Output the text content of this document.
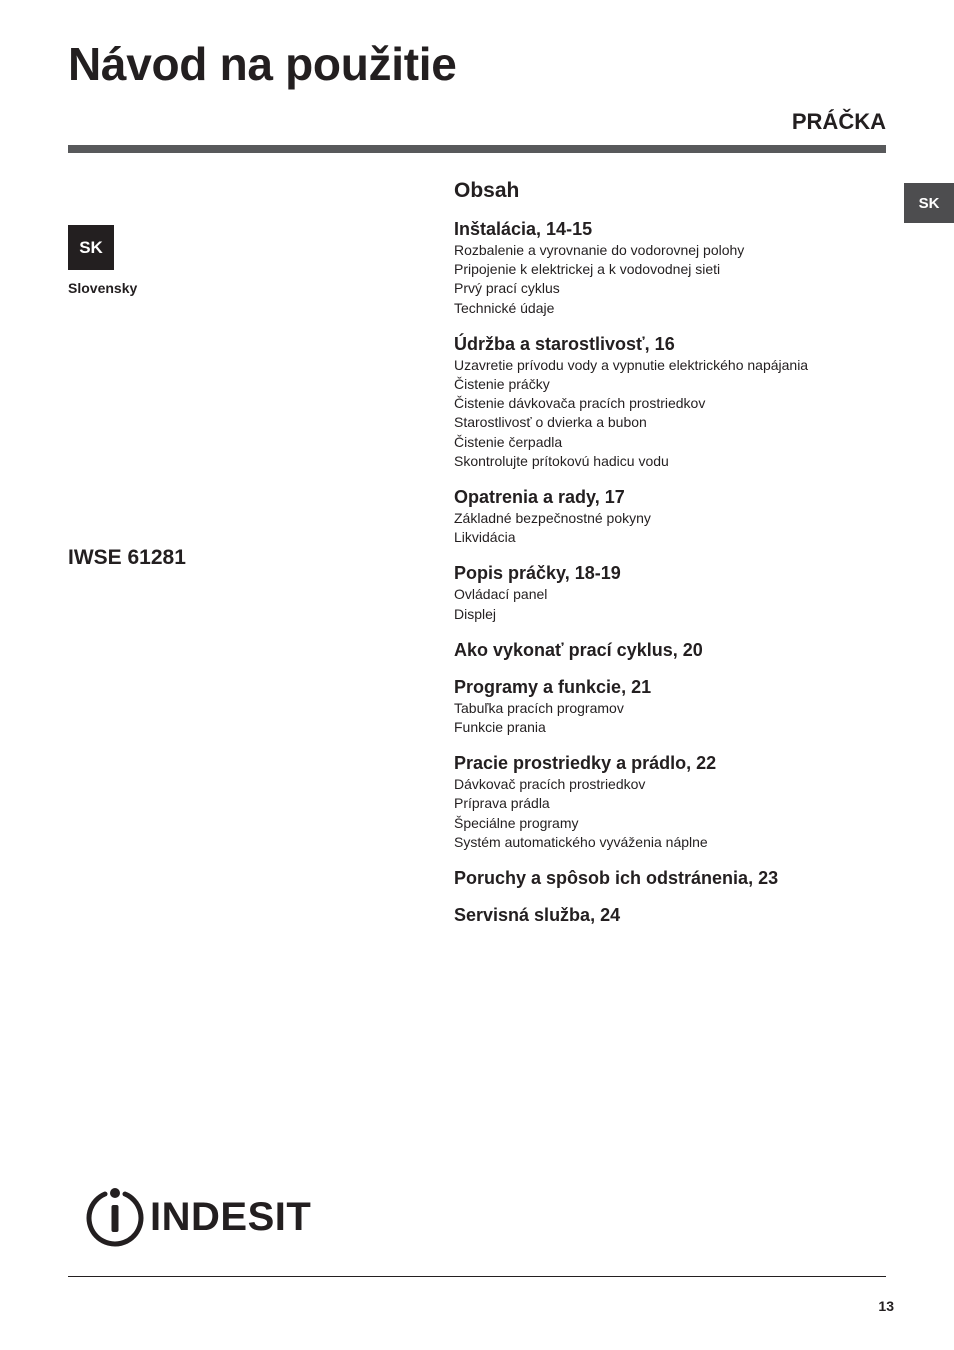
Návod na použitie
PRÁČKA
SK
SK
Slovensky
IWSE 61281
Obsah
Inštalácia, 14-15
Rozbalenie a vyrovnanie do vodorovnej polohy
Pripojenie k elektrickej a k vodovodnej sieti
Prvý prací cyklus
Technické údaje
Údržba a starostlivosť, 16
Uzavretie prívodu vody a vypnutie elektrického napájania
Čistenie práčky
Čistenie dávkovača pracích prostriedkov
Starostlivosť o dvierka a bubon
Čistenie čerpadla
Skontrolujte prítokovú hadicu vodu
Opatrenia a rady, 17
Základné bezpečnostné pokyny
Likvidácia
Popis práčky, 18-19
Ovládací panel
Displej
Ako vykonať prací cyklus, 20
Programy a funkcie, 21
Tabuľka pracích programov
Funkcie prania
Pracie prostriedky a prádlo, 22
Dávkovač pracích prostriedkov
Príprava prádla
Špeciálne programy
Systém automatického vyváženia náplne
Poruchy a spôsob ich odstránenia, 23
Servisná služba, 24
INDESIT
13
